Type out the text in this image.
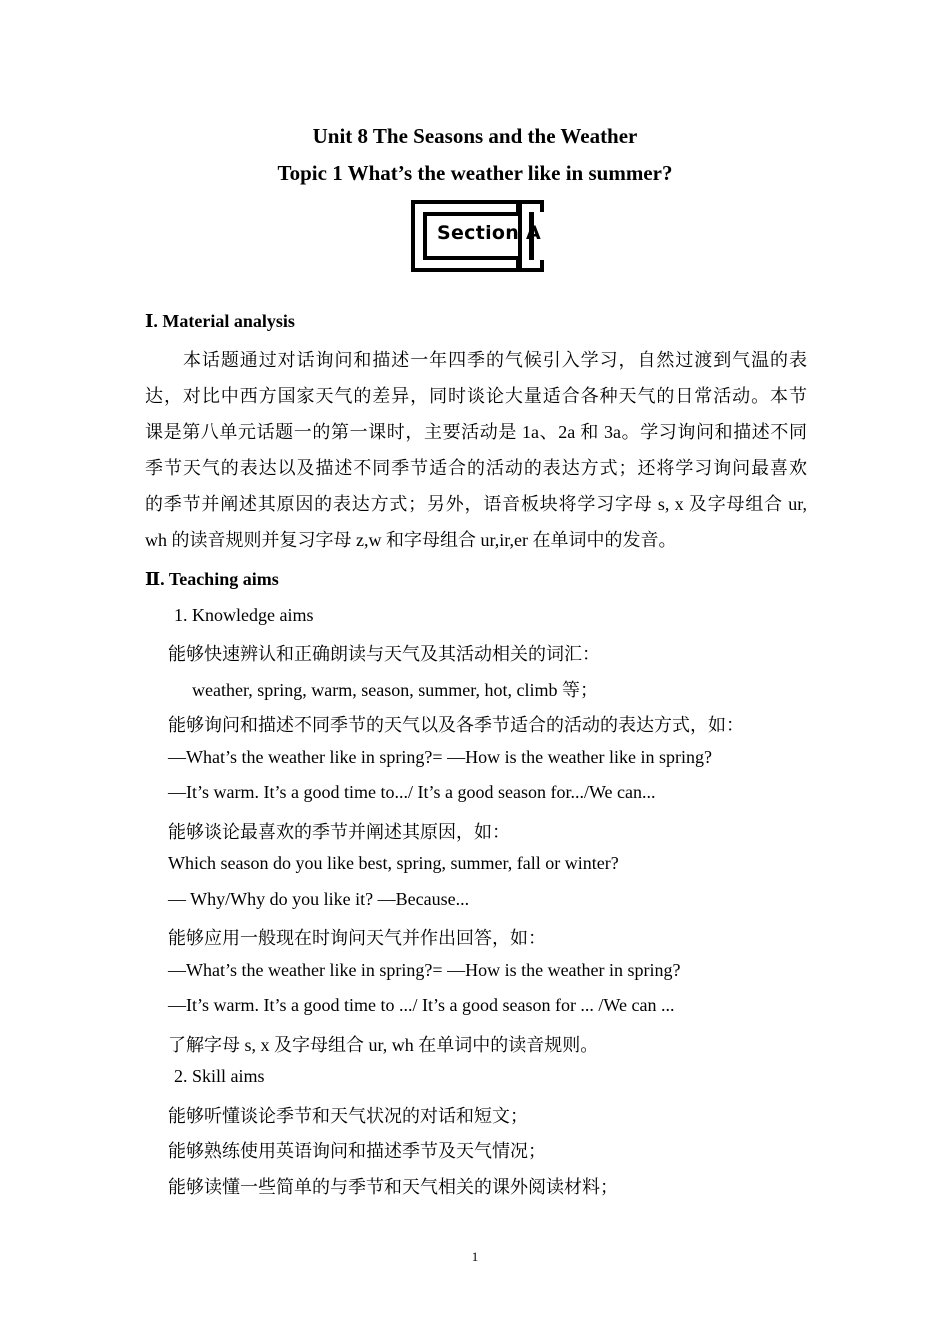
Unit 8 The Seasons and the Weather
Topic 1 What’s the weather like in summer?
Section A
Ⅰ. Material analysis
本话题通过对话询问和描述一年四季的气候引入学习，自然过渡到气温的表
达，对比中西方国家天气的差异，同时谈论大量适合各种天气的日常活动。本节
课是第八单元话题一的第一课时，主要活动是 1a、2a 和 3a。学习询问和描述不同
季节天气的表达以及描述不同季节适合的活动的表达方式；还将学习询问最喜欢
的季节并阐述其原因的表达方式；另外，语音板块将学习字母 s, x 及字母组合 ur,
wh 的读音规则并复习字母 z,w 和字母组合 ur,ir,er 在单词中的发音。
Ⅱ. Teaching aims
1. Knowledge aims
能够快速辨认和正确朗读与天气及其活动相关的词汇：
weather, spring, warm, season, summer, hot, climb 等；
能够询问和描述不同季节的天气以及各季节适合的活动的表达方式，如：
—What’s the weather like in spring?= —How is the weather like in spring?
—It’s warm. It’s a good time to.../ It’s a good season for.../We can...
能够谈论最喜欢的季节并阐述其原因，如：
Which season do you like best, spring, summer, fall or winter?
— Why/Why do you like it? —Because...
能够应用一般现在时询问天气并作出回答，如：
—What’s the weather like in spring?= —How is the weather in spring?
—It’s warm. It’s a good time to .../ It’s a good season for ... /We can ...
了解字母 s, x 及字母组合 ur, wh 在单词中的读音规则。
2. Skill aims
能够听懂谈论季节和天气状况的对话和短文；
能够熟练使用英语询问和描述季节及天气情况；
能够读懂一些简单的与季节和天气相关的课外阅读材料；
1
